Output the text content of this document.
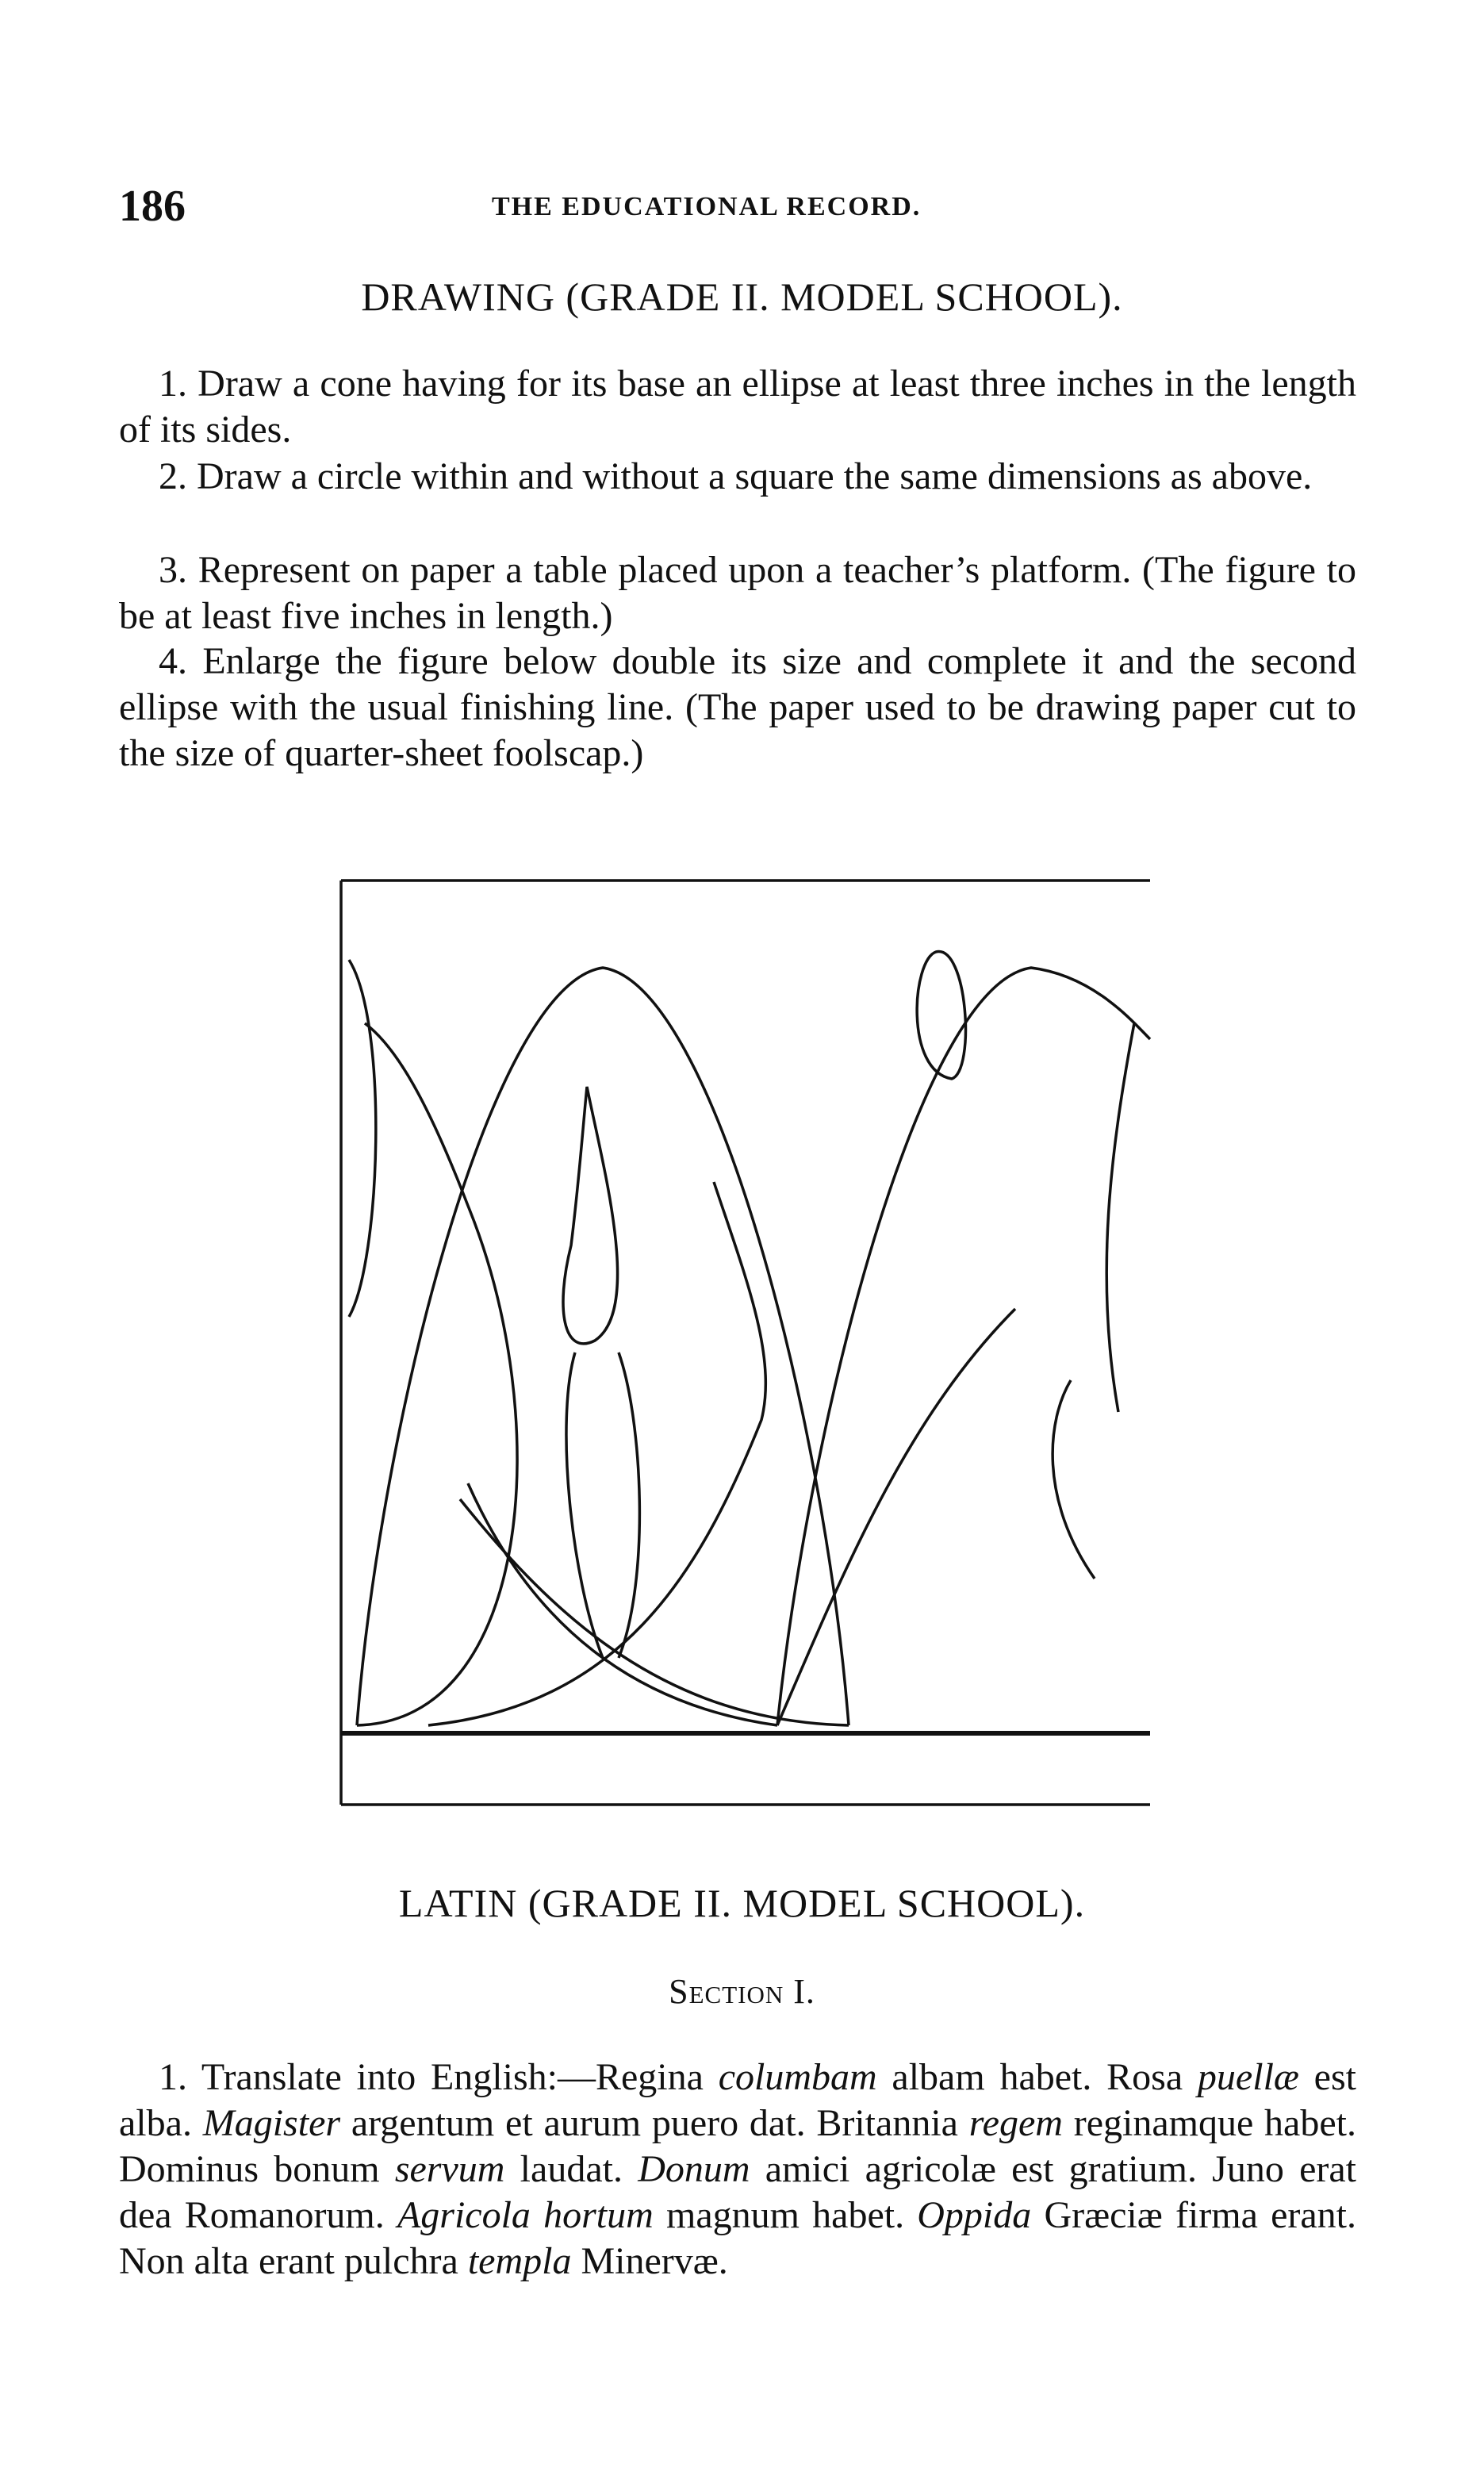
186	THE EDUCATIONAL RECORD.
DRAWING (GRADE II. MODEL SCHOOL).

1. Draw a cone having for its base an ellipse at least three inches in the length of its sides.

2. Draw a circle within and without a square the same dimensions as above.

3. Represent on paper a table placed upon a teacher’s platform. (The figure to be at least five inches in length.)

4. Enlarge the figure below double its size and complete it and the second ellipse with the usual finishing line. (The paper used to be drawing paper cut to the size of quarter-sheet foolscap.)

LATIN (GRADE II. MODEL SCHOOL).
Section I.

1. Translate into English:—Regina columbam albam habet. Rosa puellæ est alba. Magister argentum et aurum puero dat. Britannia regem reginamque habet. Dominus bonum servum laudat. Donum amici agricolæ est gratium. Juno erat dea Romanorum. Agricola hortum magnum habet. Oppida Græciæ firma erant. Non alta erant pulchra templa Minervæ.
